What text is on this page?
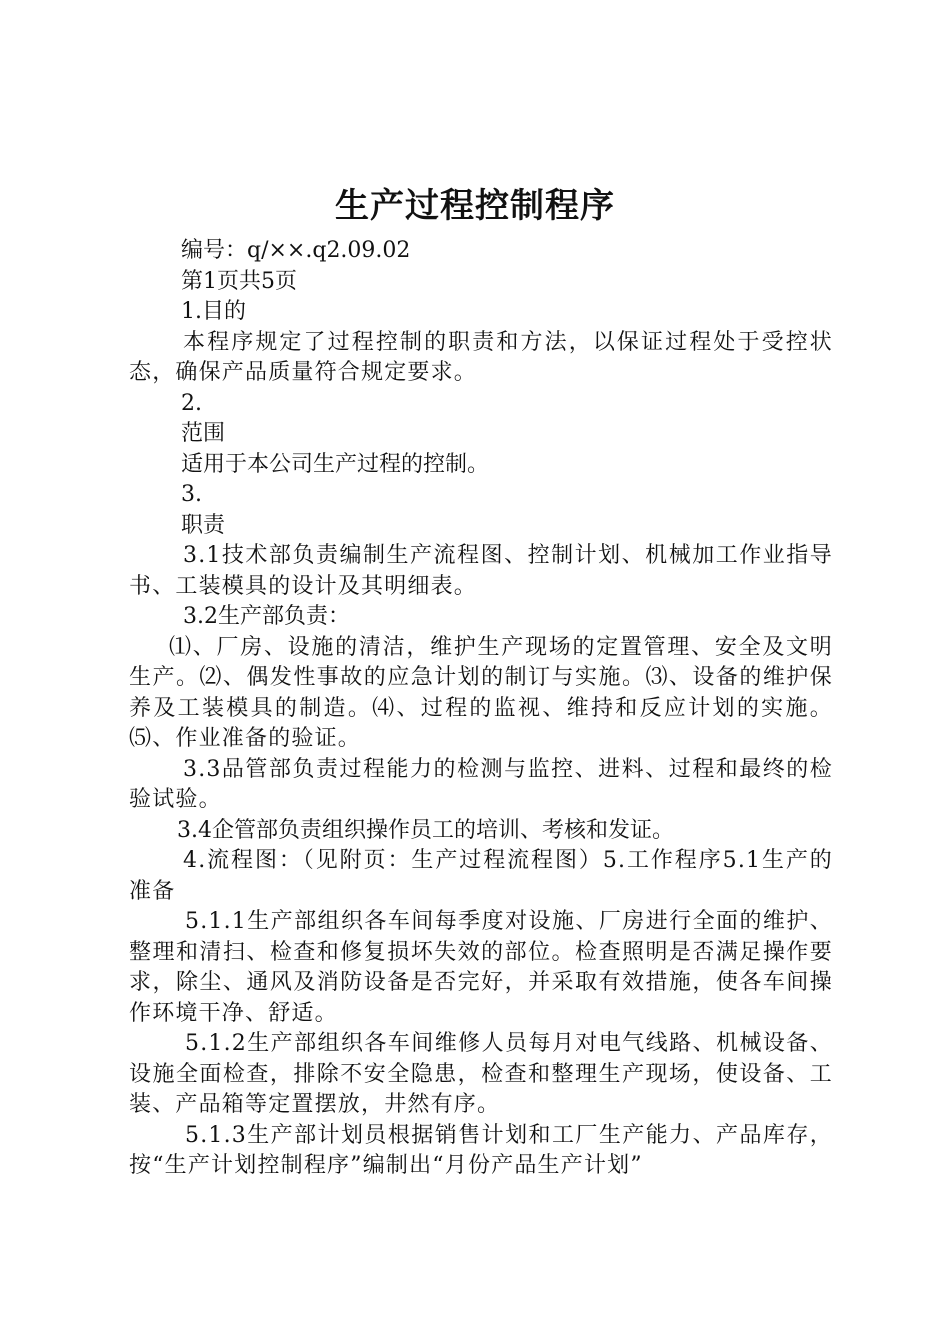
生产过程控制程序

编号：q/××.q2.09.02

第1页共5页

1.目的

本程序规定了过程控制的职责和方法，以保证过程处于受控状态，确保产品质量符合规定要求。

2.

范围

适用于本公司生产过程的控制。

3.

职责

3.1技术部负责编制生产流程图、控制计划、机械加工作业指导书、工装模具的设计及其明细表。

3.2生产部负责：

⑴、厂房、设施的清洁，维护生产现场的定置管理、安全及文明生产。⑵、偶发性事故的应急计划的制订与实施。⑶、设备的维护保养及工装模具的制造。⑷、过程的监视、维持和反应计划的实施。⑸、作业准备的验证。

3.3品管部负责过程能力的检测与监控、进料、过程和最终的检验试验。

3.4企管部负责组织操作员工的培训、考核和发证。

4.流程图：（见附页：生产过程流程图）5.工作程序5.1生产的准备

5.1.1生产部组织各车间每季度对设施、厂房进行全面的维护、整理和清扫、检查和修复损坏失效的部位。检查照明是否满足操作要求，除尘、通风及消防设备是否完好，并采取有效措施，使各车间操作环境干净、舒适。

5.1.2生产部组织各车间维修人员每月对电气线路、机械设备、设施全面检查，排除不安全隐患，检查和整理生产现场，使设备、工装、产品箱等定置摆放，井然有序。

5.1.3生产部计划员根据销售计划和工厂生产能力、产品库存，按“生产计划控制程序”编制出“月份产品生产计划”
